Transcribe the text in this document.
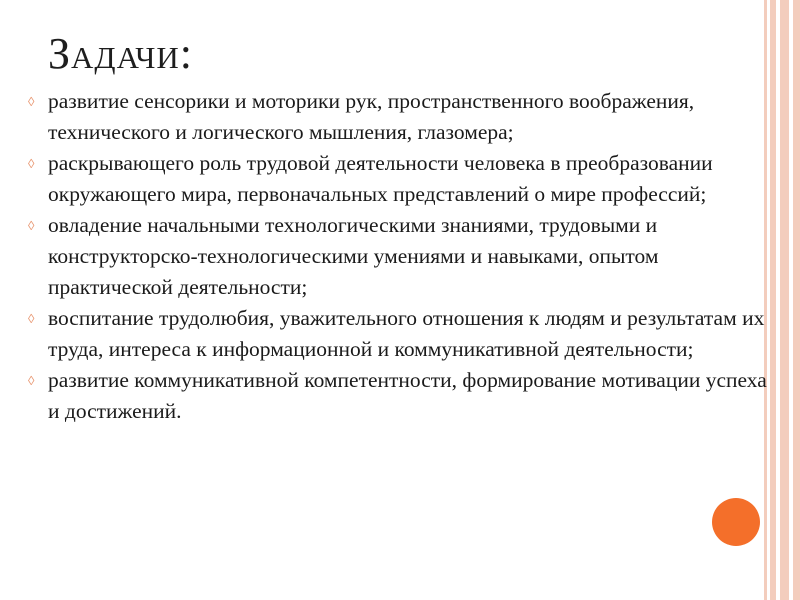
Задачи:
◊ развитие сенсорики и моторики рук, пространственного воображения, технического и логического мышления, глазомера;
◊ раскрывающего роль трудовой деятельности человека в преобразовании окружающего мира, первоначальных представлений о мире профессий;
◊ овладение начальными технологическими знаниями, трудовыми и конструкторско-технологическими умениями и навыками, опытом практической деятельности;
◊ воспитание трудолюбия, уважительного отношения к людям и результатам их труда, интереса к информационной и коммуникативной деятельности;
◊ развитие коммуникативной компетентности, формирование мотивации успеха и достижений.
